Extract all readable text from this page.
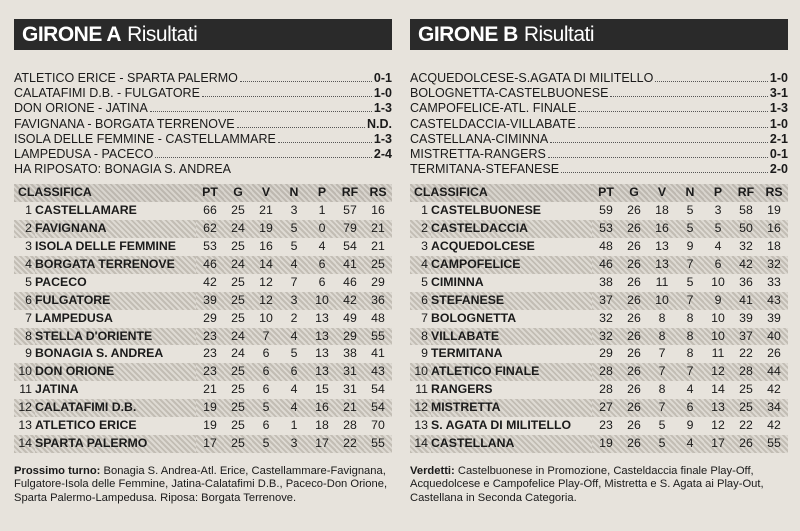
GIRONE A Risultati
ATLETICO ERICE - SPARTA PALERMO	0-1
CALATAFIMI D.B. - FULGATORE	1-0
DON ORIONE - JATINA	1-3
FAVIGNANA - BORGATA TERRENOVE	N.D.
ISOLA DELLE FEMMINE - CASTELLAMMARE	1-3
LAMPEDUSA - PACECO	2-4
HA RIPOSATO: BONAGIA S. ANDREA
CLASSIFICA		PT	G	V	N	P	RF	RS
1	CASTELLAMARE	66	25	21	3	1	57	16
2	FAVIGNANA	62	24	19	5	0	79	21
3	ISOLA DELLE FEMMINE	53	25	16	5	4	54	21
4	BORGATA TERRENOVE	46	24	14	4	6	41	25
5	PACECO	42	25	12	7	6	46	29
6	FULGATORE	39	25	12	3	10	42	36
7	LAMPEDUSA	29	25	10	2	13	49	48
8	STELLA D'ORIENTE	23	24	7	4	13	29	55
9	BONAGIA S. ANDREA	23	24	6	5	13	38	41
10	DON ORIONE	23	25	6	6	13	31	43
11	JATINA	21	25	6	4	15	31	54
12	CALATAFIMI D.B.	19	25	5	4	16	21	54
13	ATLETICO ERICE	19	25	6	1	18	28	70
14	SPARTA PALERMO	17	25	5	3	17	22	55
Prossimo turno: Bonagia S. Andrea-Atl. Erice, Castellammare-Favignana, Fulgatore-Isola delle Femmine, Jatina-Calatafimi D.B., Paceco-Don Orione, Sparta Palermo-Lampedusa. Riposa: Borgata Terrenove.
GIRONE B Risultati
ACQUEDOLCESE-S.AGATA DI MILITELLO	1-0
BOLOGNETTA-CASTELBUONESE	3-1
CAMPOFELICE-ATL. FINALE	1-3
CASTELDACCIA-VILLABATE	1-0
CASTELLANA-CIMINNA	2-1
MISTRETTA-RANGERS	0-1
TERMITANA-STEFANESE	2-0
CLASSIFICA		PT	G	V	N	P	RF	RS
1	CASTELBUONESE	59	26	18	5	3	58	19
2	CASTELDACCIA	53	26	16	5	5	50	16
3	ACQUEDOLCESE	48	26	13	9	4	32	18
4	CAMPOFELICE	46	26	13	7	6	42	32
5	CIMINNA	38	26	11	5	10	36	33
6	STEFANESE	37	26	10	7	9	41	43
7	BOLOGNETTA	32	26	8	8	10	39	39
8	VILLABATE	32	26	8	8	10	37	40
9	TERMITANA	29	26	7	8	11	22	26
10	ATLETICO FINALE	28	26	7	7	12	28	44
11	RANGERS	28	26	8	4	14	25	42
12	MISTRETTA	27	26	7	6	13	25	34
13	S. AGATA DI MILITELLO	23	26	5	9	12	22	42
14	CASTELLANA	19	26	5	4	17	26	55
Verdetti: Castelbuonese in Promozione, Casteldaccia finale Play-Off, Acquedolcese e Campofelice Play-Off, Mistretta e S. Agata ai Play-Out, Castellana in Seconda Categoria.
